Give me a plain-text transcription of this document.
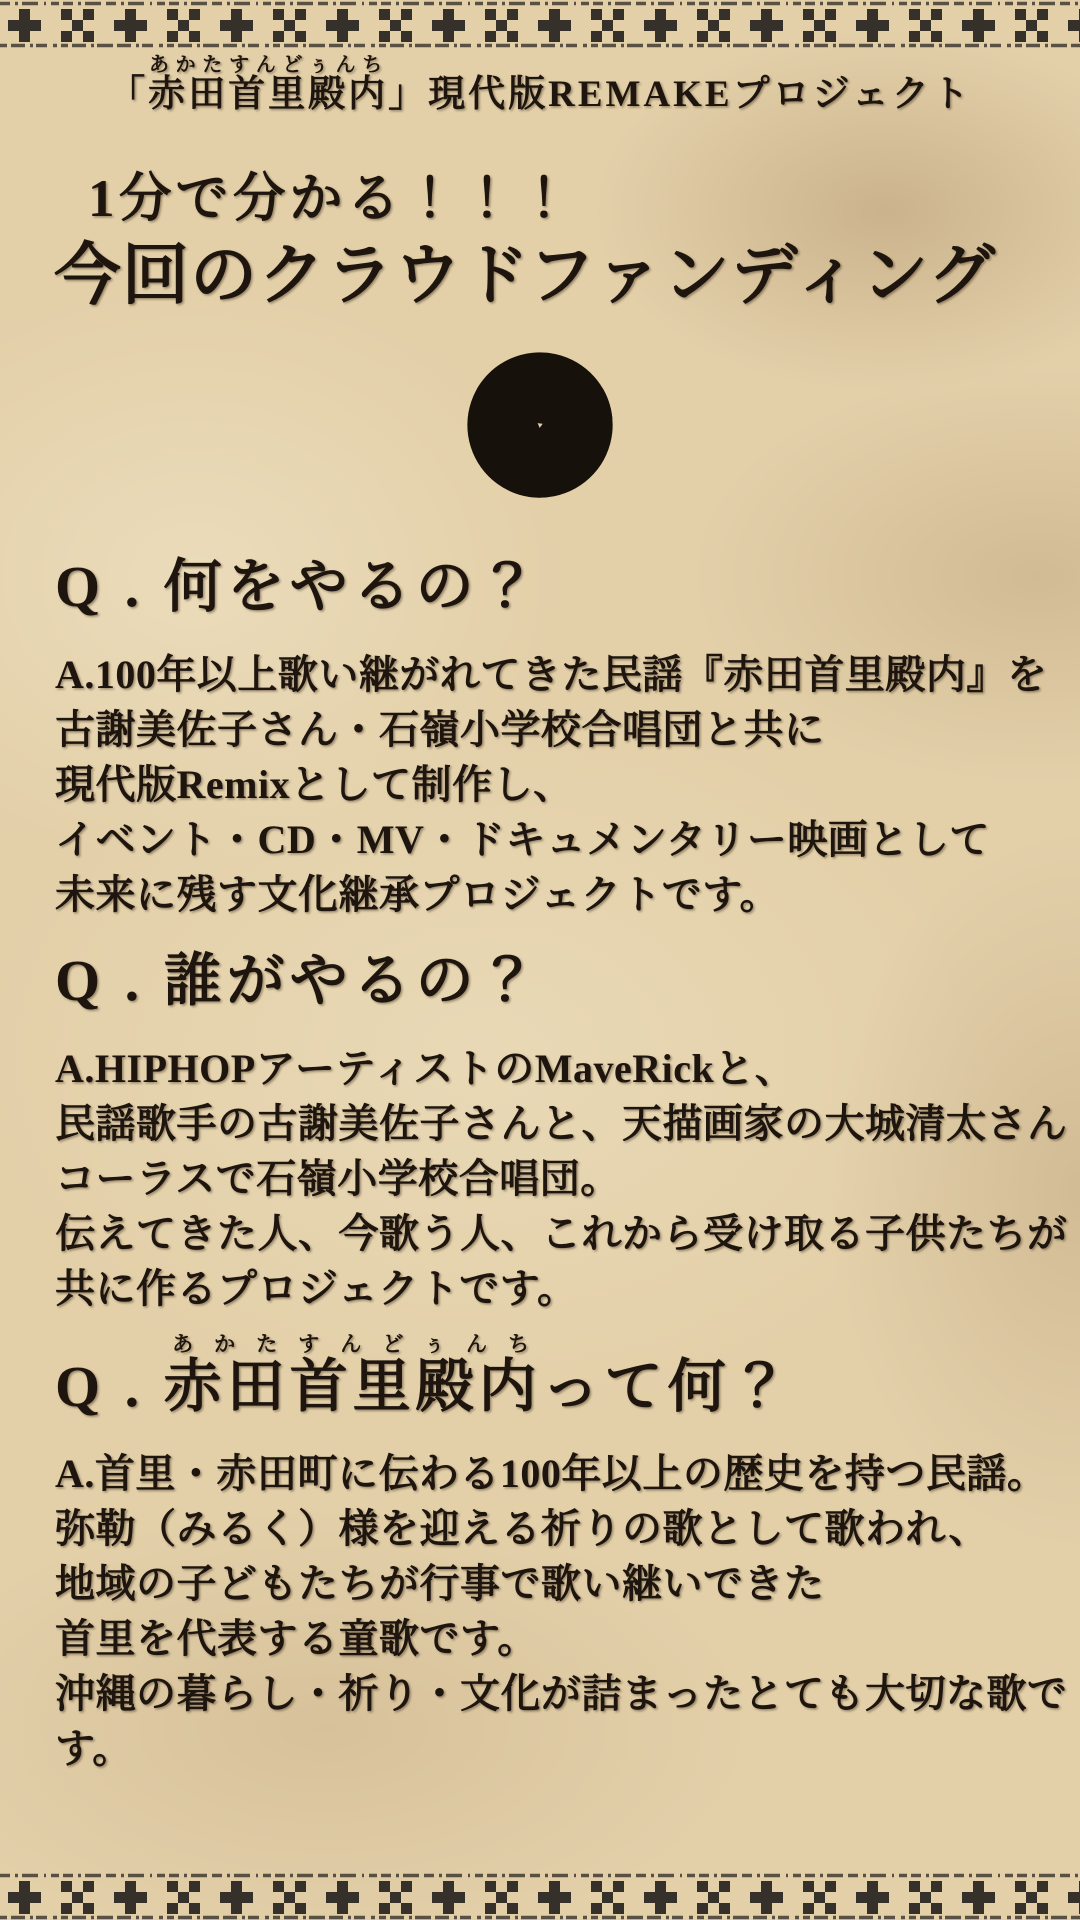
「赤田首里殿内あかたすんどぅんち」現代版REMAKEプロジェクト
1分で分かる！！！
今回のクラウドファンディング
Q . 何をやるの？

A.100年以上歌い継がれてきた民謡『赤田首里殿内』を

古謝美佐子さん・石嶺小学校合唱団と共に

現代版Remixとして制作し、

イベント・CD・MV・ドキュメンタリー映画として

未来に残す文化継承プロジェクトです。

Q . 誰がやるの？

A.HIPHOPアーティストのMaveRickと、

民謡歌手の古謝美佐子さんと、天描画家の大城清太さん

コーラスで石嶺小学校合唱団。

伝えてきた人、今歌う人、これから受け取る子供たちが

共に作るプロジェクトです。

Q . 赤田首里殿内あかたすんどぅんちって何？

A.首里・赤田町に伝わる100年以上の歴史を持つ民謡。

弥勒（みるく）様を迎える祈りの歌として歌われ、

地域の子どもたちが行事で歌い継いできた

首里を代表する童歌です。

沖縄の暮らし・祈り・文化が詰まったとても大切な歌で

す。
